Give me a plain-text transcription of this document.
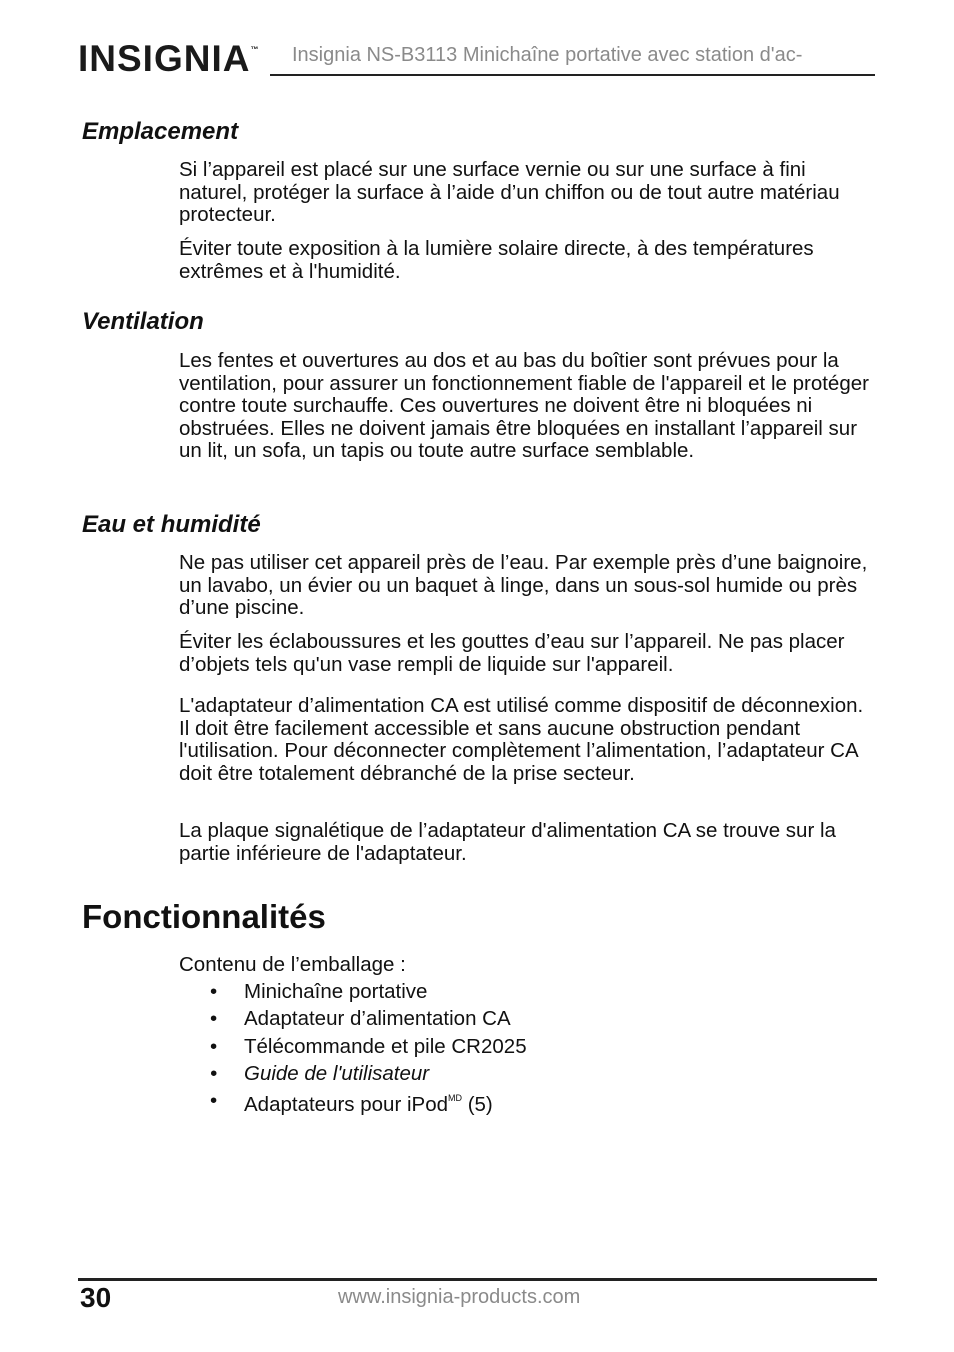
INSIGNIA™ Insignia NS-B3113 Minichaîne portative avec station d'ac-
Emplacement

Si l’appareil est placé sur une surface vernie ou sur une surface à fini naturel, protéger la surface à l’aide d’un chiffon ou de tout autre matériau protecteur.

Éviter toute exposition à la lumière solaire directe, à des températures extrêmes et à l'humidité.

Ventilation

Les fentes et ouvertures au dos et au bas du boîtier sont prévues pour la ventilation, pour assurer un fonctionnement fiable de l'appareil et le protéger contre toute surchauffe. Ces ouvertures ne doivent être ni bloquées ni obstruées. Elles ne doivent jamais être bloquées en installant l’appareil sur un lit, un sofa, un tapis ou toute autre surface semblable.

Eau et humidité

Ne pas utiliser cet appareil près de l’eau. Par exemple près d’une baignoire, un lavabo, un évier ou un baquet à linge, dans un sous-sol humide ou près d’une piscine.

Éviter les éclaboussures et les gouttes d’eau sur l’appareil. Ne pas placer d’objets tels qu'un vase rempli de liquide sur l'appareil.

L'adaptateur d’alimentation CA est utilisé comme dispositif de déconnexion. Il doit être facilement accessible et sans aucune obstruction pendant l'utilisation. Pour déconnecter complètement l’alimentation, l’adaptateur CA doit être totalement débranché de la prise secteur.

La plaque signalétique de l’adaptateur d'alimentation CA se trouve sur la partie inférieure de l'adaptateur.

Fonctionnalités

Contenu de l’emballage :

•	Minichaîne portative
•	Adaptateur d’alimentation CA
•	Télécommande et pile CR2025
•	Guide de l'utilisateur
•	Adaptateurs pour iPod$^{MD}$ (5)
30	www.insignia-products.com
